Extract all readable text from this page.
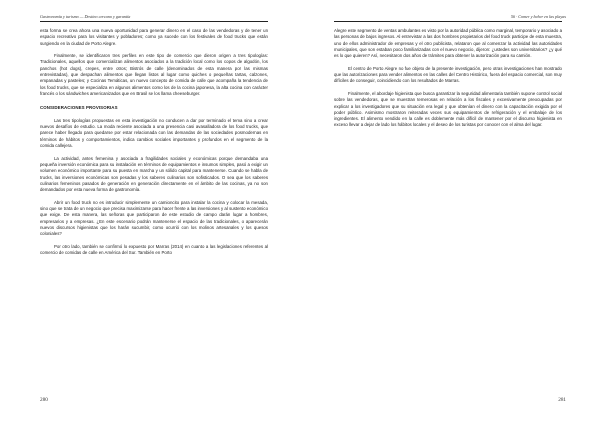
Gastronomía y turismo — Destino cercano y garantía

esta forma se crea ahora una nueva oportunidad para generar dinero en el caso de las vendedoras y de tener un espacio recreativo para los visitantes y pobladores; como ya sucede con los festivales de food trucks que están surgiendo en la ciudad de Porto Alegre.

Finalmente, se identificaron tres perfiles en este tipo de comercio que dieron origen a tres tipologías: Tradicionales, aquellos que comercializan alimentos asociados a la tradición local como los copos de algodón, los panchos (hot dogs), crepes, entre otros; Bistrós de calle (denominados de esta manera por las mismas entrevistadas), que despachan alimentos que llegan listos al lugar como quiches o pequeñas tartas, calzones, empanadas y pasteles; y Cocinas Temáticas, un nuevo concepto de comida de calle que acompaña la tendencia de los food trucks, que se especializa en algunos alimentos como los de la cocina japonesa, la alta cocina con carácter francés o los sándwiches americanizados que en Brasil se los llama cheeseburger.

CONSIDERACIONES PROVISORIAS

Las tres tipologías propuestas en esta investigación no conducen a dar por terminado el tema sino a crear nuevos desafíos de estudio. La moda reciente asociada a una presencia casi avasalladora de los food trucks, que parece haber llegado para quedarse por estar relacionada con las demandas de las sociedades posmodernas en términos de hábitos y comportamientos, indica cambios sociales importantes y profundos en el segmento de la comida callejera.

La actividad, antes femenina y asociada a fragilidades sociales y económicas porque demandaba una pequeña inversión económica para su instalación en términos de equipamientos e insumos simples, pasó a exigir un volumen económico importante para su puesta en marcha y un sólido capital para mantenerse. Cuando se habla de trucks, las inversiones económicas son pesadas y los saberes culinarios son sofisticados. O sea que los saberes culinarios femeninos pasados de generación en generación directamente en el ámbito de las cocinas, ya no son demandados por esta nueva forma de gastronomía.

Abrir un food truck no es introducir simplemente un camioncito para instalar la cocina y colocar la mesada, sino que se trata de un negocio que precisa maximizarse para hacer frente a las inversiones y al sustento económico que exige. De esta manera, las señoras que participaron de este estudio de campo darán lugar a hombres, empresarios y a empresas. ¿En este escenario podrán mantenerse el espacio de las tradicionales, o aparecerán nuevos discursos higienistas que los harán sucumbir, como ocurrió con los molinos artesanales y los quesos coloniales?

Por otro lado, también se confirmó lo expuesto por Marras (2014) en cuanto a las legislaciones referentes al comercio de comidas de calle en América del Sur. También en Porto

280
56 · Comer y beber en las playas

Alegre este segmento de ventas ambulantes es visto por la autoridad pública como marginal, temporario y asociado a las personas de bajos ingresos. Al entrevistar a las dos hombres propietarios del food truck participe de esta muestra, uno de ellos administrador de empresas y el otro publicista, relataron que al comenzar la actividad las autoridades municipales, que son estaban poco familiarizadas con el nuevo negocio, dijeron: ¿ustedes son universitarios? ¿y qué es lo que quieren? Así, necesitaron dos años de trámites para obtener la autorización para su camión.

El centro de Porto Alegre no fue objeto de la presente investigación, pero otras investigaciones han mostrado que las autorizaciones para vender alimentos en las calles del Centro Histórico, fuera del espacio comercial, son muy difíciles de conseguir, coincidiendo con los resultados de Marras.

Finalmente, el abordaje higienista que busca garantizar la seguridad alimentaria también supone control social sobre las vendedoras, que se muestran temerosas en relación a los fiscales y excesivamente preocupadas por explicar a los investigadores que su situación era legal y que obtenían el dinero con la capacitación exigida por el poder público. Asimismo mostraron reiteradas veces sus equipamientos de refrigeración y el embalaje de los ingredientes. El alimento vendido en la calle es doblemente más difícil de mantener por el discurso higienista en exceso llevar a dejar de lado los hábitos locales y el deseo de los turistas por conocer con el alma del lugar.

281
